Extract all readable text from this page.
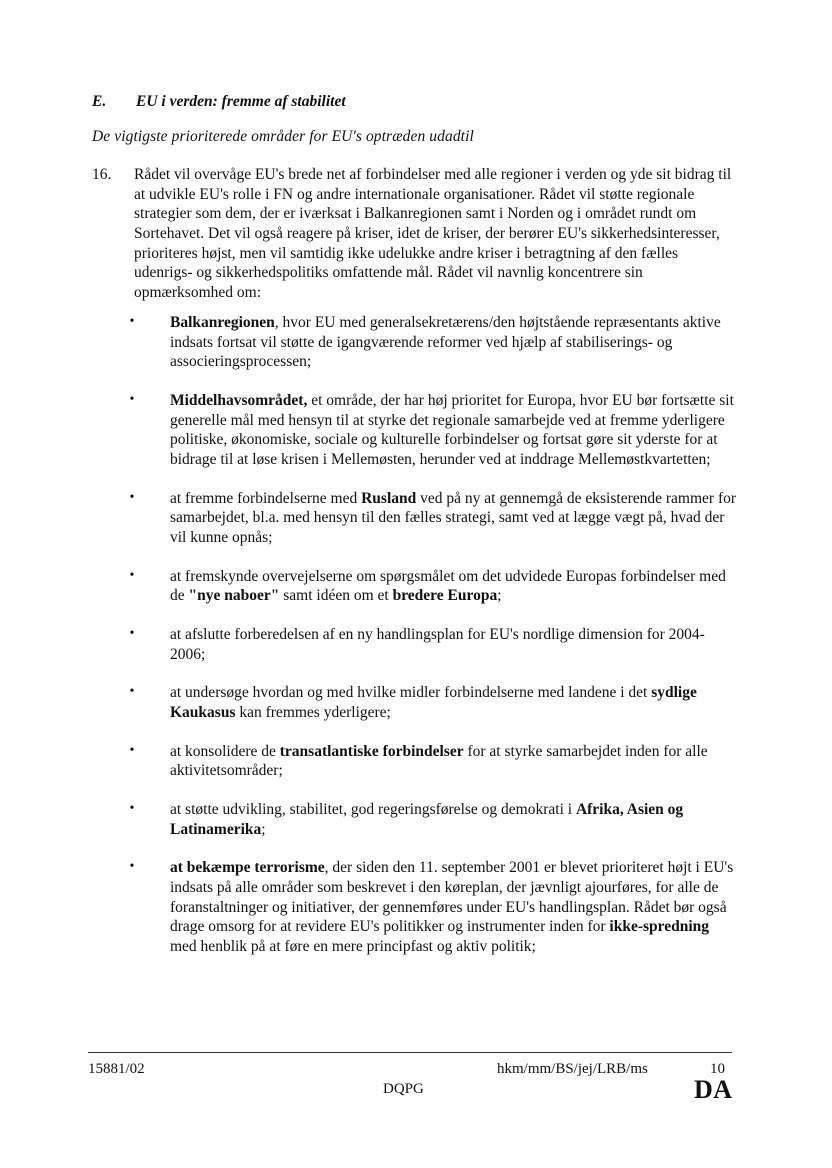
E. EU i verden: fremme af stabilitet
De vigtigste prioriterede områder for EU's optræden udadtil
16. Rådet vil overvåge EU's brede net af forbindelser med alle regioner i verden og yde sit bidrag til at udvikle EU's rolle i FN og andre internationale organisationer. Rådet vil støtte regionale strategier som dem, der er iværksat i Balkanregionen samt i Norden og i området rundt om Sortehavet. Det vil også reagere på kriser, idet de kriser, der berører EU's sikkerhedsinteresser, prioriteres højst, men vil samtidig ikke udelukke andre kriser i betragtning af den fælles udenrigs- og sikkerhedspolitiks omfattende mål. Rådet vil navnlig koncentrere sin opmærksomhed om:
• Balkanregionen, hvor EU med generalsekretærens/den højtstående repræsentants aktive indsats fortsat vil støtte de igangværende reformer ved hjælp af stabiliserings- og associeringsprocessen;
• Middelhavsområdet, et område, der har høj prioritet for Europa, hvor EU bør fortsætte sit generelle mål med hensyn til at styrke det regionale samarbejde ved at fremme yderligere politiske, økonomiske, sociale og kulturelle forbindelser og fortsat gøre sit yderste for at bidrage til at løse krisen i Mellemøsten, herunder ved at inddrage Mellemøstkvartetten;
• at fremme forbindelserne med Rusland ved på ny at gennemgå de eksisterende rammer for samarbejdet, bl.a. med hensyn til den fælles strategi, samt ved at lægge vægt på, hvad der vil kunne opnås;
• at fremskynde overvejelserne om spørgsmålet om det udvidede Europas forbindelser med de "nye naboer" samt idéen om et bredere Europa;
• at afslutte forberedelsen af en ny handlingsplan for EU's nordlige dimension for 2004-2006;
• at undersøge hvordan og med hvilke midler forbindelserne med landene i det sydlige Kaukasus kan fremmes yderligere;
• at konsolidere de transatlantiske forbindelser for at styrke samarbejdet inden for alle aktivitetsområder;
• at støtte udvikling, stabilitet, god regeringsførelse og demokrati i Afrika, Asien og Latinamerika;
• at bekæmpe terrorisme, der siden den 11. september 2001 er blevet prioriteret højt i EU's indsats på alle områder som beskrevet i den køreplan, der jævnligt ajourføres, for alle de foranstaltninger og initiativer, der gennemføres under EU's handlingsplan. Rådet bør også drage omsorg for at revidere EU's politikker og instrumenter inden for ikke-spredning med henblik på at føre en mere principfast og aktiv politik;
15881/02	hkm/mm/BS/jej/LRB/ms	10
DQPG	DA
